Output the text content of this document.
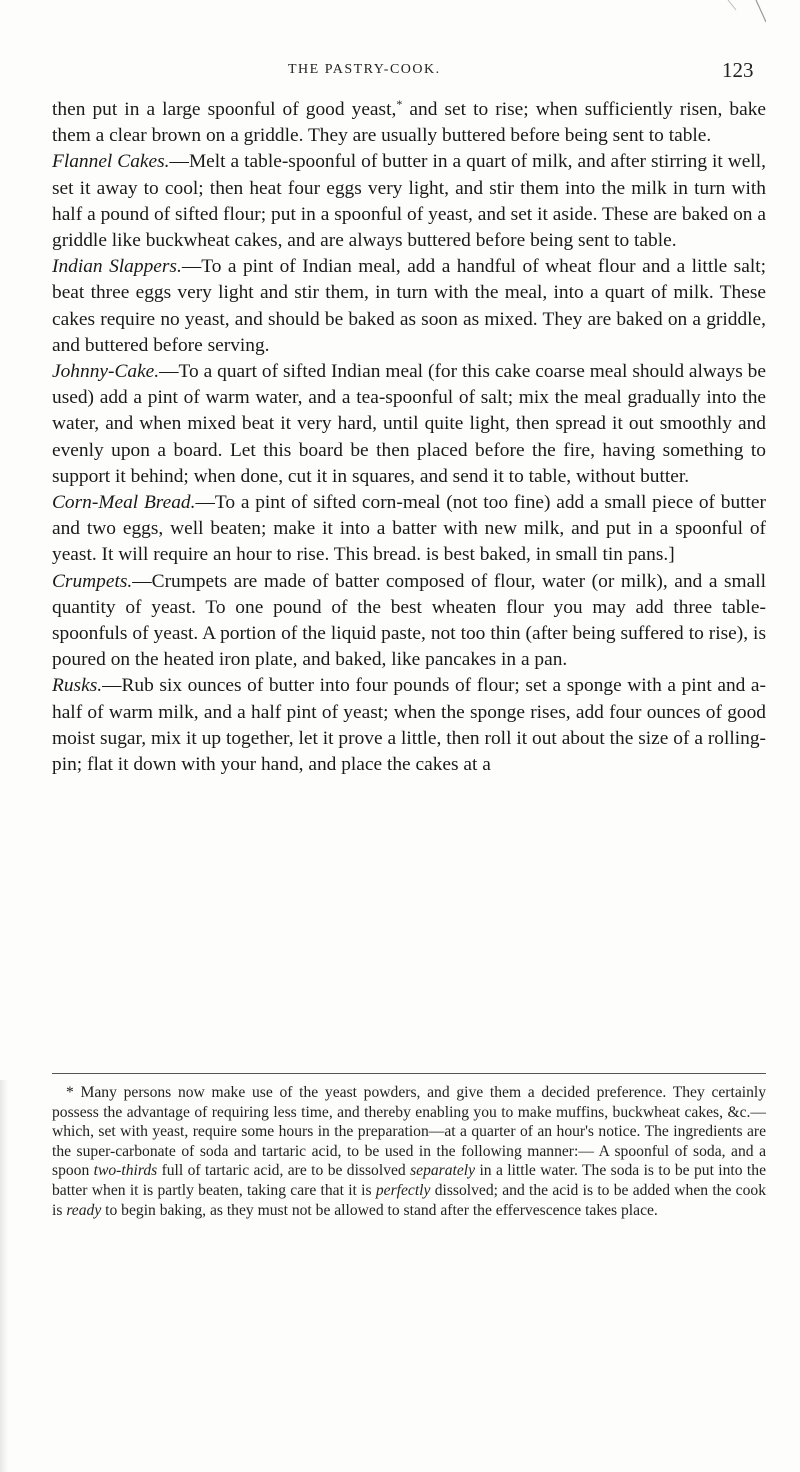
THE PASTRY-COOK.	123

then put in a large spoonful of good yeast,* and set to rise; when sufficiently risen, bake them a clear brown on a griddle. They are usually buttered before being sent to table.

Flannel Cakes.—Melt a table-spoonful of butter in a quart of milk, and after stirring it well, set it away to cool; then heat four eggs very light, and stir them into the milk in turn with half a pound of sifted flour; put in a spoonful of yeast, and set it aside. These are baked on a griddle like buckwheat cakes, and are always buttered before being sent to table.

Indian Slappers.—To a pint of Indian meal, add a handful of wheat flour and a little salt; beat three eggs very light and stir them, in turn with the meal, into a quart of milk. These cakes require no yeast, and should be baked as soon as mixed. They are baked on a griddle, and buttered before serving.

Johnny-Cake.—To a quart of sifted Indian meal (for this cake coarse meal should always be used) add a pint of warm water, and a tea-spoonful of salt; mix the meal gradually into the water, and when mixed beat it very hard, until quite light, then spread it out smoothly and evenly upon a board. Let this board be then placed before the fire, having something to support it behind; when done, cut it in squares, and send it to table, without butter.

Corn-Meal Bread.—To a pint of sifted corn-meal (not too fine) add a small piece of butter and two eggs, well beaten; make it into a batter with new milk, and put in a spoonful of yeast. It will require an hour to rise. This bread. is best baked, in small tin pans.]

Crumpets.—Crumpets are made of batter composed of flour, water (or milk), and a small quantity of yeast. To one pound of the best wheaten flour you may add three table-spoonfuls of yeast. A portion of the liquid paste, not too thin (after being suffered to rise), is poured on the heated iron plate, and baked, like pancakes in a pan.

Rusks.—Rub six ounces of butter into four pounds of flour; set a sponge with a pint and a-half of warm milk, and a half pint of yeast; when the sponge rises, add four ounces of good moist sugar, mix it up together, let it prove a little, then roll it out about the size of a rolling-pin; flat it down with your hand, and place the cakes at a

* Many persons now make use of the yeast powders, and give them a decided preference. They certainly possess the advantage of requiring less time, and thereby enabling you to make muffins, buckwheat cakes, &c.—which, set with yeast, require some hours in the preparation—at a quarter of an hour's notice. The ingredients are the super-carbonate of soda and tartaric acid, to be used in the following manner:— A spoonful of soda, and a spoon two-thirds full of tartaric acid, are to be dissolved separately in a little water. The soda is to be put into the batter when it is partly beaten, taking care that it is perfectly dissolved; and the acid is to be added when the cook is ready to begin baking, as they must not be allowed to stand after the effervescence takes place.
